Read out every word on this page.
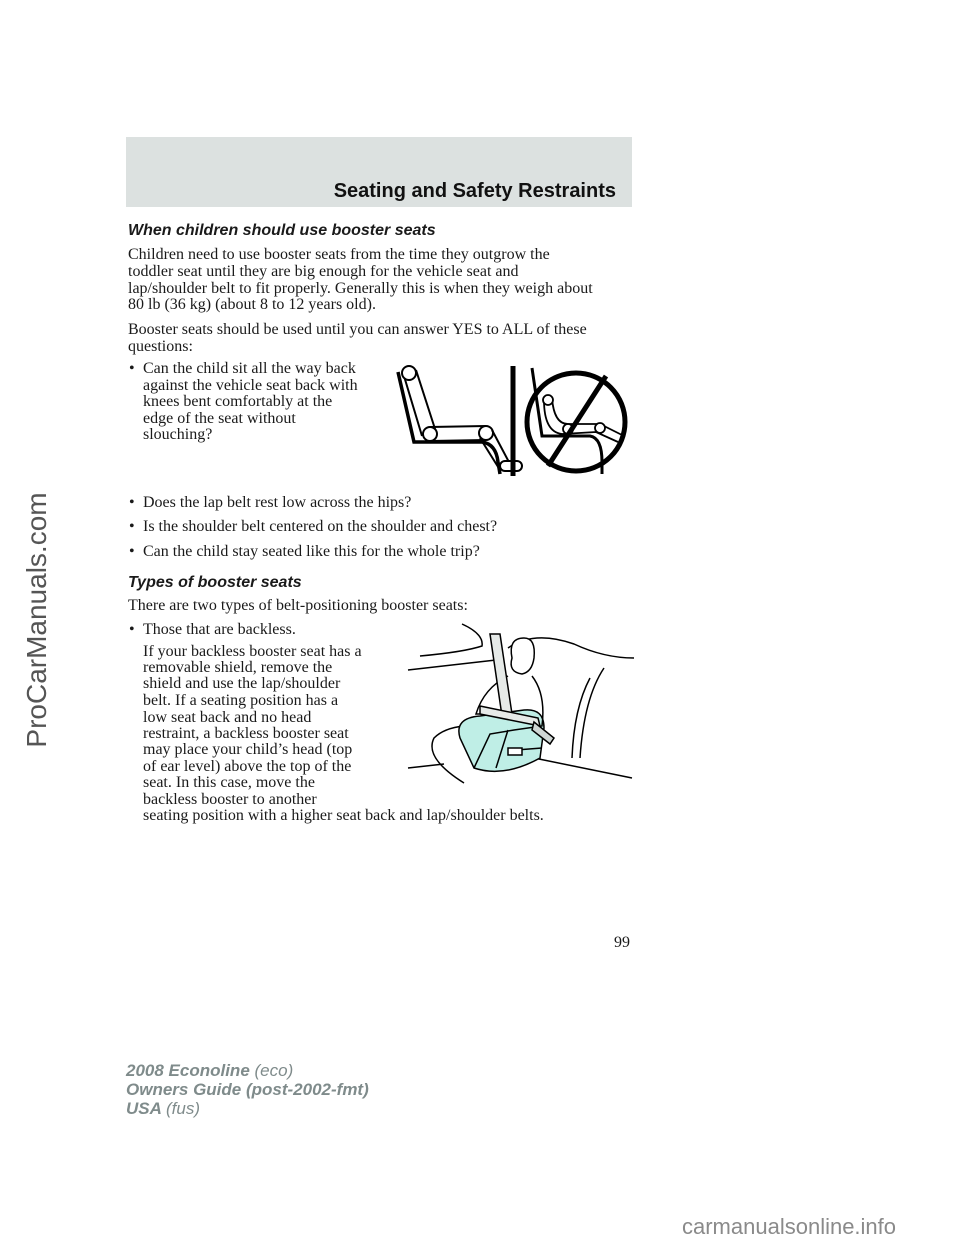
Seating and Safety Restraints
When children should use booster seats
Children need to use booster seats from the time they outgrow the
toddler seat until they are big enough for the vehicle seat and
lap/shoulder belt to fit properly. Generally this is when they weigh about
80 lb (36 kg) (about 8 to 12 years old).
Booster seats should be used until you can answer YES to ALL of these
questions:
• Can the child sit all the way back
against the vehicle seat back with
knees bent comfortably at the
edge of the seat without
slouching?
• Does the lap belt rest low across the hips?
• Is the shoulder belt centered on the shoulder and chest?
• Can the child stay seated like this for the whole trip?
Types of booster seats
There are two types of belt-positioning booster seats:
• Those that are backless.
If your backless booster seat has a
removable shield, remove the
shield and use the lap/shoulder
belt. If a seating position has a
low seat back and no head
restraint, a backless booster seat
may place your child’s head (top
of ear level) above the top of the
seat. In this case, move the
backless booster to another
seating position with a higher seat back and lap/shoulder belts.
99
2008 Econoline (eco)
Owners Guide (post-2002-fmt)
USA (fus)
ProCarManuals.com
carmanualsonline.info
